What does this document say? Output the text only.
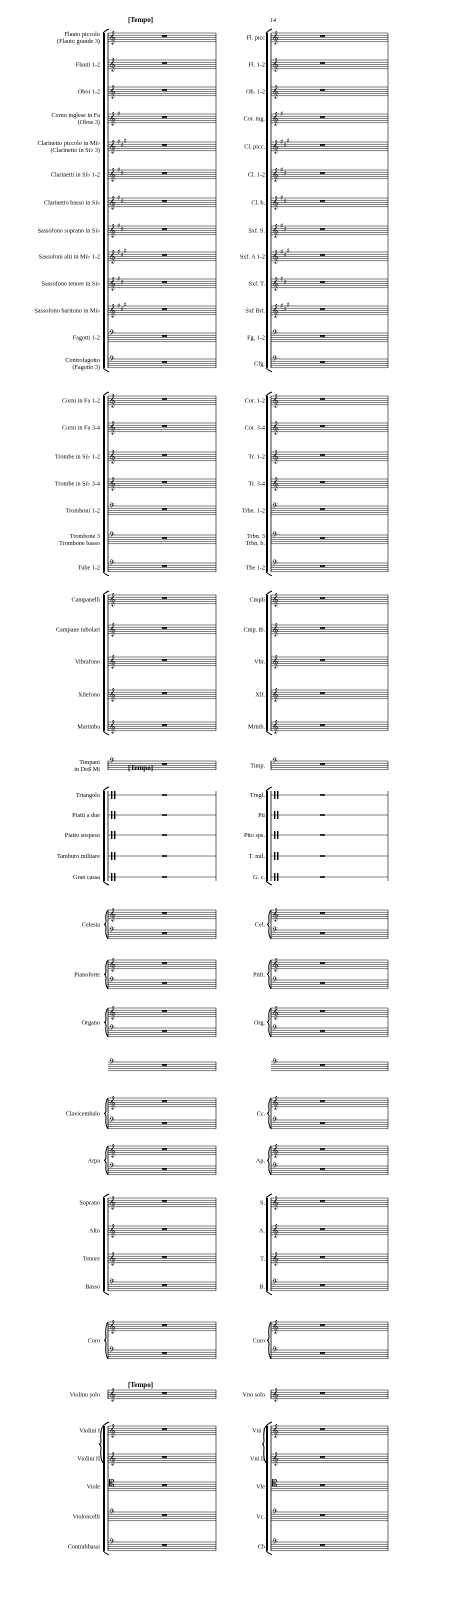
𝄞
Flauto piccolo (Flauto grande 3)
𝄞
Flauti 1-2
𝄞
Oboi 1-2
𝄞 ♯
Corno inglese in Fa (Oboe 3)
𝄞 ♯ ♯
♯
Clarinetto piccolo in Mi♭ (Clarinetto in Si♭ 3)
𝄞 ♯ ♯
Clarinetti in Si♭ 1-2
𝄞 ♯ ♯
Clarinetto basso in Si♭
𝄞 ♯ ♯
Sassofono soprano in Si♭
𝄞 ♯ ♯
♯
Sassofoni alti in Mi♭ 1-2
𝄞 ♯ ♯
Sassofono tenore in Si♭
𝄞 ♯ ♯
♯
Sassofono baritono in Mi♭
𝄢
Fagotti 1-2
𝄢
Controfagotto (Fagotto 3)
𝄞
Corni in Fa 1-2
𝄞
Corni in Fa 3-4
𝄞
Trombe in Si♭ 1-2
𝄞
Trombe in Si♭ 3-4
𝄢
Tromboni 1-2
𝄢
Trombone 3 Trombone basso
𝄢
Tube 1-2
𝄞
Campanelli
𝄞
Campane tubolari
𝄞
Vibrafono
𝄞
Xilefono
𝄞
Marimba
𝄢
Timpani in Do♯ Mi
Triangolo
Piatti a due
Piatto sospeso
Tamburo militare
Gran cassa
𝄞
𝄢
Celesta
𝄞
𝄢
Pianoforte
𝄞
𝄢
Organo
𝄢
𝄞
𝄢
Clavicembalo
𝄞
𝄢
Arpa
𝄞
Soprano
𝄞
Alto
𝄞
Tenore
𝄢
Basso
𝄞
𝄢
Coro
𝄞
Violino solo
𝄞
Violini I
𝄞
Violini II
𝄡
Viole
𝄢
Violoncelli
𝄢
Contrabbassi
𝄞
Fl. picc
𝄞
Fl. 1-2
𝄞
Ob. 1-2
𝄞 ♯
Cor. ing.
𝄞 ♯ ♯
♯
Cl. picc.
𝄞 ♯ ♯
Cl. 1-2
𝄞 ♯ ♯
Cl. b.
𝄞 ♯ ♯
Sxf. S.
𝄞 ♯ ♯
♯
Sxf. A 1-2
𝄞 ♯ ♯
Sxf. T.
𝄞 ♯ ♯
♯
Sxf Brt.
𝄢
Fg. 1-2
𝄢
Cfg.
𝄞
Cor. 1-2
𝄞
Cor. 3-4
𝄞
Tr. 1-2
𝄞
Tr. 3-4
𝄢
Trbn. 1-2
𝄢
Trbn. 3 Trbn. b.
𝄢
Tbe 1-2
𝄞
Cmpli
𝄞
Cmp. tb.
𝄞
Vbr.
𝄞
Xlf.
𝄞
Mrmb.
𝄢
Timp.
Trngl.
Pti
Ptto sps.
T. mil.
G. c.
𝄞
𝄢
Cel.
𝄞
𝄢
Pnft.
𝄞
𝄢
Org.
𝄢
𝄞
𝄢
Cc.
𝄞
𝄢
Ap.
𝄞
S.
𝄞
A.
𝄞
T.
𝄢
B.
𝄞
𝄢
Coro
𝄞
Vno solo
𝄞
Vni I
𝄞
Vni II
𝄡
Vle
𝄢
Vc.
𝄢
Cb
[Tempo]
[Tempo]
[Tempo]
14
